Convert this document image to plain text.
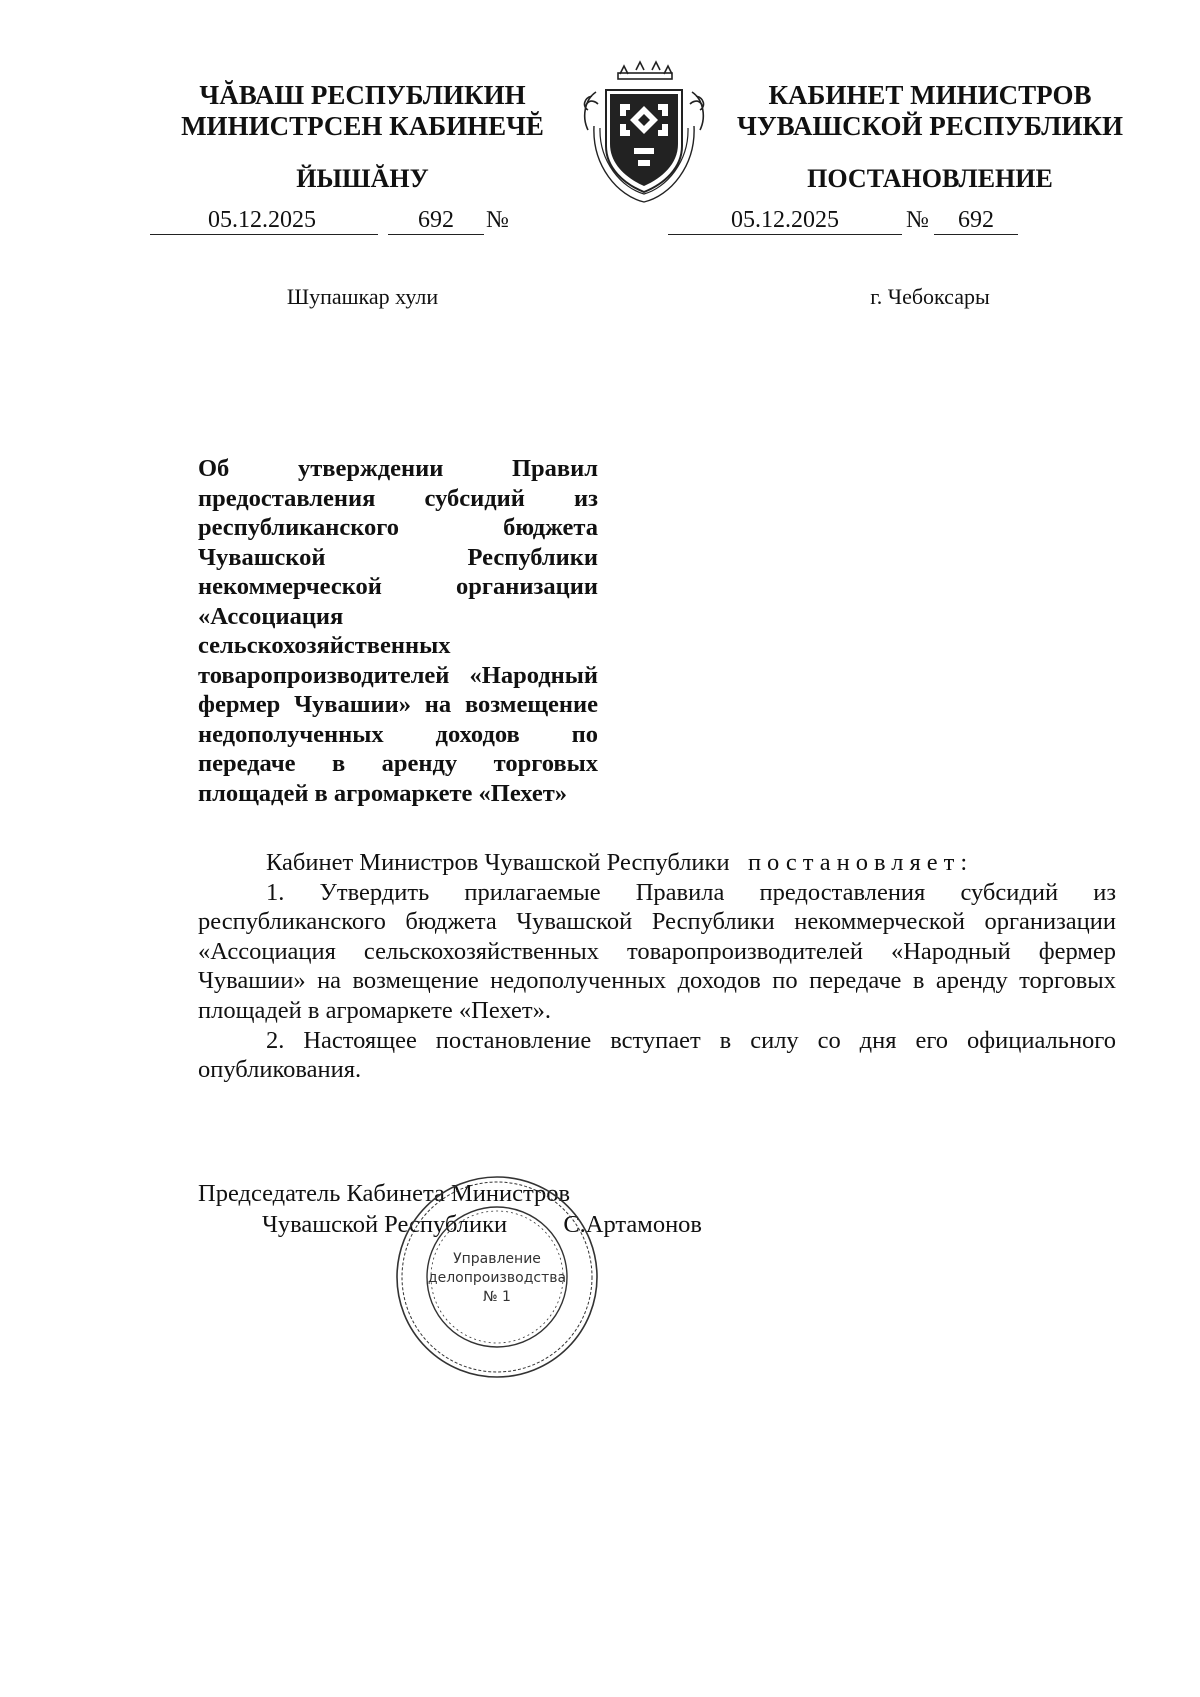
ЧĂВАШ РЕСПУБЛИКИН
МИНИСТРСЕН КАБИНЕЧĔ
ЙЫШĂНУ
КАБИНЕТ МИНИСТРОВ
ЧУВАШСКОЙ РЕСПУБЛИКИ
ПОСТАНОВЛЕНИЕ
05.12.2025	692	№	05.12.2025	№	692
Шупашкар хули	г. Чебоксары
Об утверждении Правил предоставления субсидий из республиканского бюджета Чувашской Республики некоммерческой организации «Ассоциация сельскохозяйственных товаропроизводителей «Народный фермер Чувашии» на возмещение недополученных доходов по передаче в аренду торговых площадей в агромаркете «Пехет»
Кабинет Министров Чувашской Республики постановляет:

1. Утвердить прилагаемые Правила предоставления субсидий из республиканского бюджета Чувашской Республики некоммерческой организации «Ассоциация сельскохозяйственных товаропроизводителей «Народный фермер Чувашии» на возмещение недополученных доходов по передаче в аренду торговых площадей в агромаркете «Пехет».

2. Настоящее постановление вступает в силу со дня его официального опубликования.

Председатель Кабинета Министров
Чувашской Республики С.Артамонов
Управление
делопроизводства
№ 1
